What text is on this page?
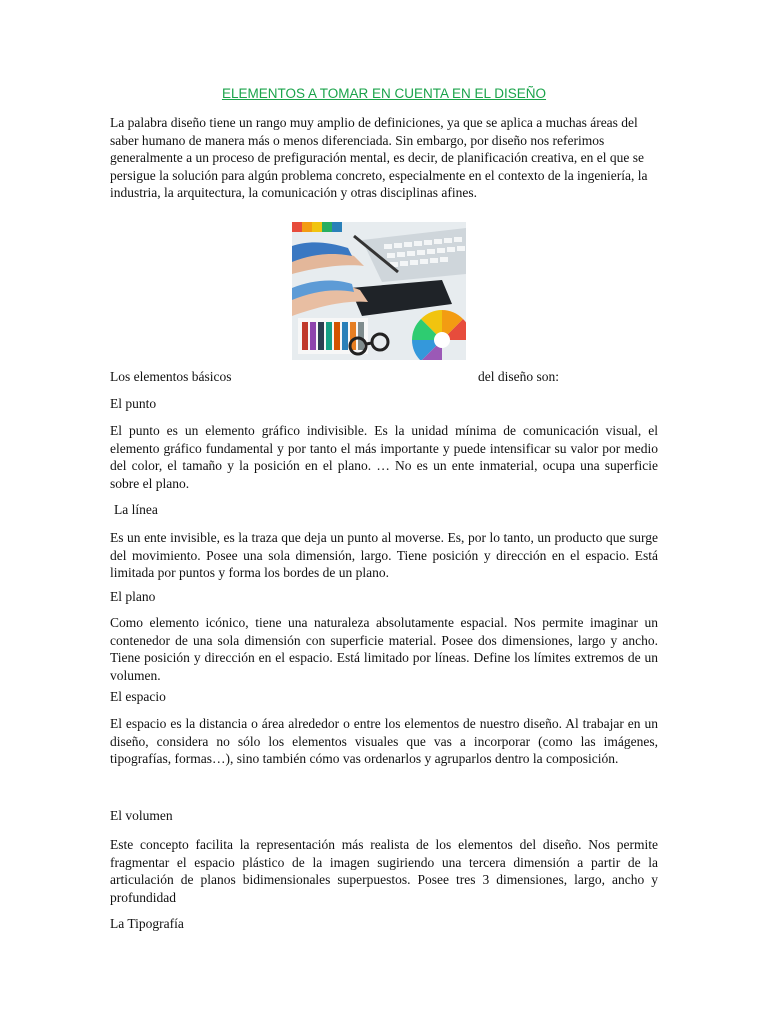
ELEMENTOS A TOMAR EN CUENTA EN EL DISEÑO

La palabra diseño tiene un rango muy amplio de definiciones, ya que se aplica a muchas áreas del saber humano de manera más o menos diferenciada. Sin embargo, por diseño nos referimos generalmente a un proceso de prefiguración mental, es decir, de planificación creativa, en el que se persigue la solución para algún problema concreto, especialmente en el contexto de la ingeniería, la industria, la arquitectura, la comunicación y otras disciplinas afines.

Los elementos básicos	del diseño son:

El punto

El punto es un elemento gráfico indivisible. Es la unidad mínima de comunicación visual, el elemento gráfico fundamental y por tanto el más importante y puede intensificar su valor por medio del color, el tamaño y la posición en el plano. … No es un ente inmaterial, ocupa una superficie sobre el plano.

La línea

Es un ente invisible, es la traza que deja un punto al moverse. Es, por lo tanto, un producto que surge del movimiento. Posee una sola dimensión, largo. Tiene posición y dirección en el espacio. Está limitada por puntos y forma los bordes de un plano.

El plano

Como elemento icónico, tiene una naturaleza absolutamente espacial. Nos permite imaginar un contenedor de una sola dimensión con superficie material. Posee dos dimensiones, largo y ancho. Tiene posición y dirección en el espacio. Está limitado por líneas. Define los límites extremos de un volumen.

El espacio

El espacio es la distancia o área alrededor o entre los elementos de nuestro diseño. Al trabajar en un diseño, considera no sólo los elementos visuales que vas a incorporar (como las imágenes, tipografías, formas…), sino también cómo vas ordenarlos y agruparlos dentro la composición.

El volumen

Este concepto facilita la representación más realista de los elementos del diseño. Nos permite fragmentar el espacio plástico de la imagen sugiriendo una tercera dimensión a partir de la articulación de planos bidimensionales superpuestos. Posee tres 3 dimensiones, largo, ancho y profundidad

La Tipografía
